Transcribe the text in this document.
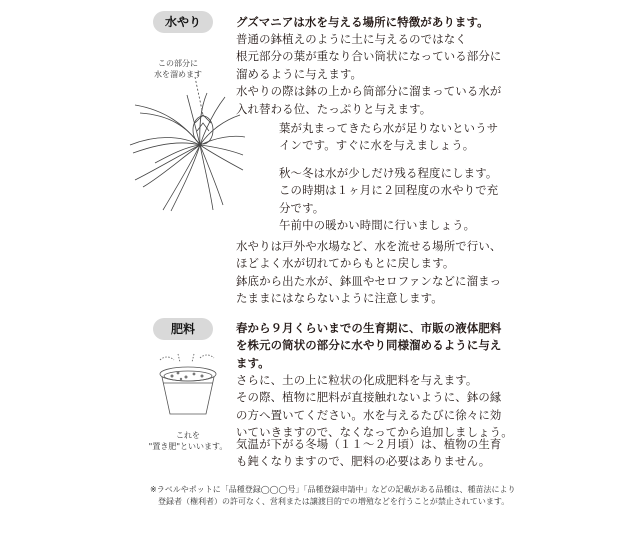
水やり
この部分に
水を溜めます
グズマニアは水を与える場所に特徴があります。
普通の鉢植えのように土に与えるのではなく
根元部分の葉が重なり合い筒状になっている部分に
溜めるように与えます。
水やりの際は鉢の上から筒部分に溜まっている水が
入れ替わる位、たっぷりと与えます。
葉が丸まってきたら水が足りないというサ
インです。すぐに水を与えましょう。
秋～冬は水が少しだけ残る程度にします。
この時期は１ヶ月に２回程度の水やりで充
分です。
午前中の暖かい時間に行いましょう。
水やりは戸外や水場など、水を流せる場所で行い、
ほどよく水が切れてからもとに戻します。
鉢底から出た水が、鉢皿やセロファンなどに溜まっ
たままにはならないように注意します。
肥料
これを
"置き肥"といいます。
春から９月くらいまでの生育期に、市販の液体肥料
を株元の筒状の部分に水やり同様溜めるように与え
ます。
さらに、土の上に粒状の化成肥料を与えます。
その際、植物に肥料が直接触れないように、鉢の縁
の方へ置いてください。水を与えるたびに徐々に効
いていきますので、なくなってから追加しましょう。
気温が下がる冬場（１１～２月頃）は、植物の生育
も鈍くなりますので、肥料の必要はありません。
※ラベルやポットに「品種登録◯◯◯号」「品種登録申請中」などの記載がある品種は、種苗法により
　登録者（権利者）の許可なく、営利または譲渡目的での増殖などを行うことが禁止されています。
